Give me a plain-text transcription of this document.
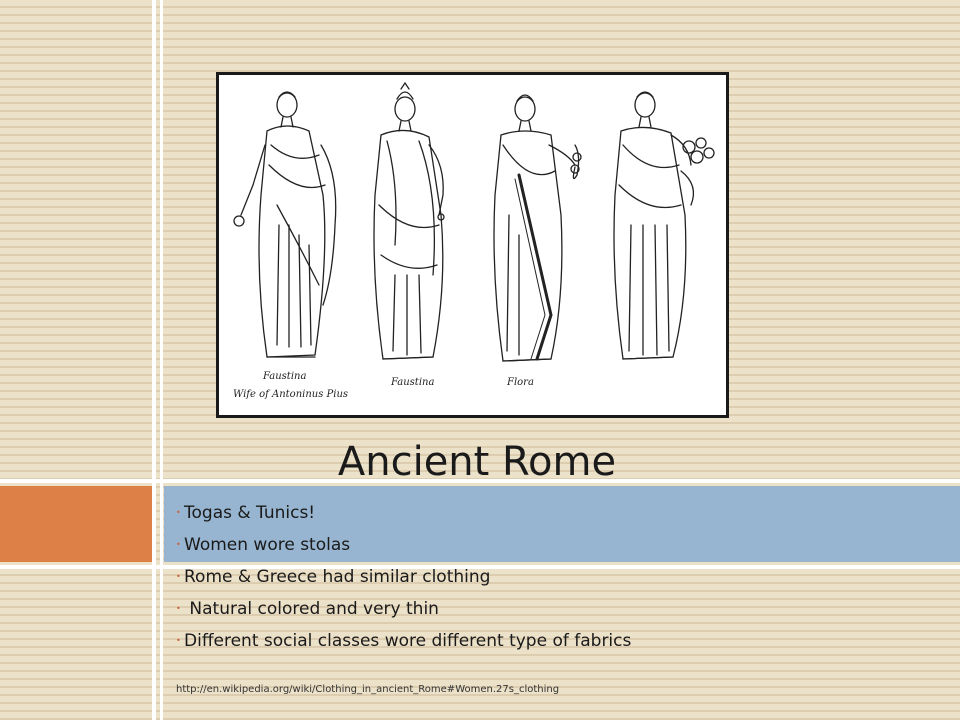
Faustina
Wife of Antoninus Pius
Faustina	Flora
Ancient Rome
• Togas & Tunics!
• Women wore stolas
• Rome & Greece had similar clothing
• Natural colored and very thin
• Different social classes wore different type of fabrics
http://en.wikipedia.org/wiki/Clothing_in_ancient_Rome#Women.27s_clothing
